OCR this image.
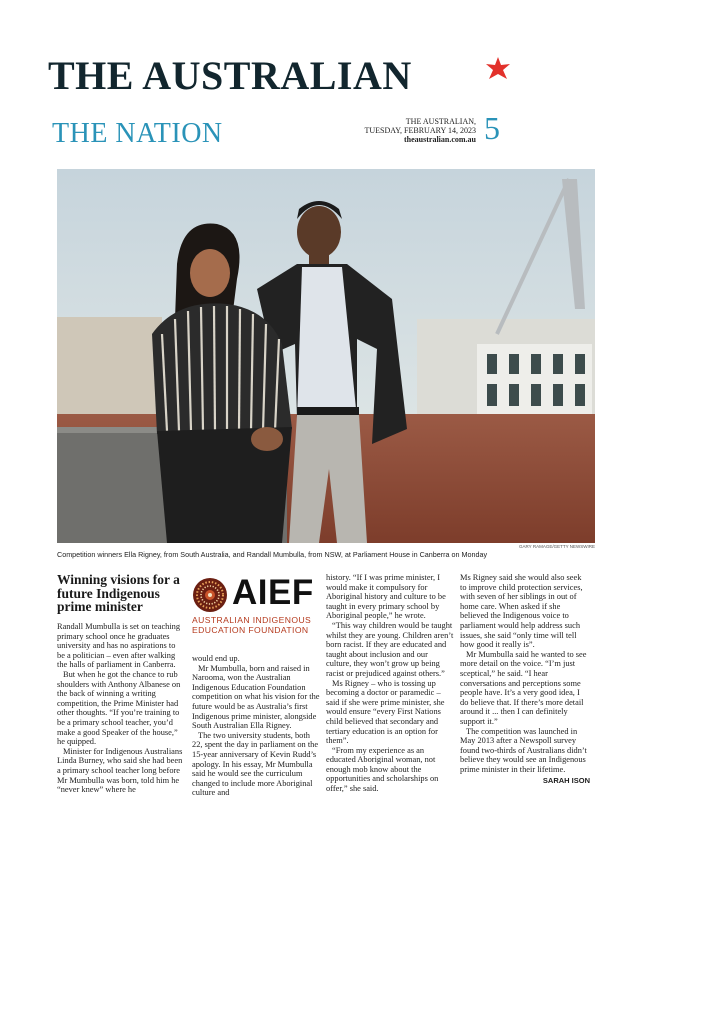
THE AUSTRALIAN
THE NATION	THE AUSTRALIAN,
TUESDAY, FEBRUARY 14, 2023
theaustralian.com.au 5
GARY RAMAGE/GETTY NEWSWIRE
Competition winners Ella Rigney, from South Australia, and Randall Mumbulla, from NSW, at Parliament House in Canberra on Monday
Winning visions for a future Indigenous prime minister

Randall Mumbulla is set on teaching primary school once he graduates university and has no aspirations to be a politician – even after walking the halls of parliament in Canberra.

But when he got the chance to rub shoulders with Anthony Albanese on the back of winning a writing competition, the Prime Minister had other thoughts. “If you’re training to be a primary school teacher, you’d make a good Speaker of the house,” he quipped.

Minister for Indigenous Australians Linda Burney, who said she had been a primary school teacher long before Mr Mumbulla was born, told him he “never knew” where he

AIEF
AUSTRALIAN INDIGENOUS
EDUCATION FOUNDATION

would end up.

Mr Mumbulla, born and raised in Narooma, won the Australian Indigenous Education Foundation competition on what his vision for the future would be as Australia’s first Indigenous prime minister, alongside South Australian Ella Rigney.

The two university students, both 22, spent the day in parliament on the 15-year anniversary of Kevin Rudd’s apology. In his essay, Mr Mumbulla said he would see the curriculum changed to include more Aboriginal culture and

history. “If I was prime minister, I would make it compulsory for Aboriginal history and culture to be taught in every primary school by Aboriginal people,” he wrote.

“This way children would be taught whilst they are young. Children aren’t born racist. If they are educated and taught about inclusion and our culture, they won’t grow up being racist or prejudiced against others.”

Ms Rigney – who is tossing up becoming a doctor or paramedic – said if she were prime minister, she would ensure “every First Nations child believed that secondary and tertiary education is an option for them”.

“From my experience as an educated Aboriginal woman, not enough mob know about the opportunities and scholarships on offer,” she said.

Ms Rigney said she would also seek to improve child protection services, with seven of her siblings in out of home care. When asked if she believed the Indigenous voice to parliament would help address such issues, she said “only time will tell how good it really is”.

Mr Mumbulla said he wanted to see more detail on the voice. “I’m just sceptical,” he said. “I hear conversations and perceptions some people have. It’s a very good idea, I do believe that. If there’s more detail around it ... then I can definitely support it.”

The competition was launched in May 2013 after a Newspoll survey found two-thirds of Australians didn’t believe they would see an Indigenous prime minister in their lifetime.

SARAH ISON
